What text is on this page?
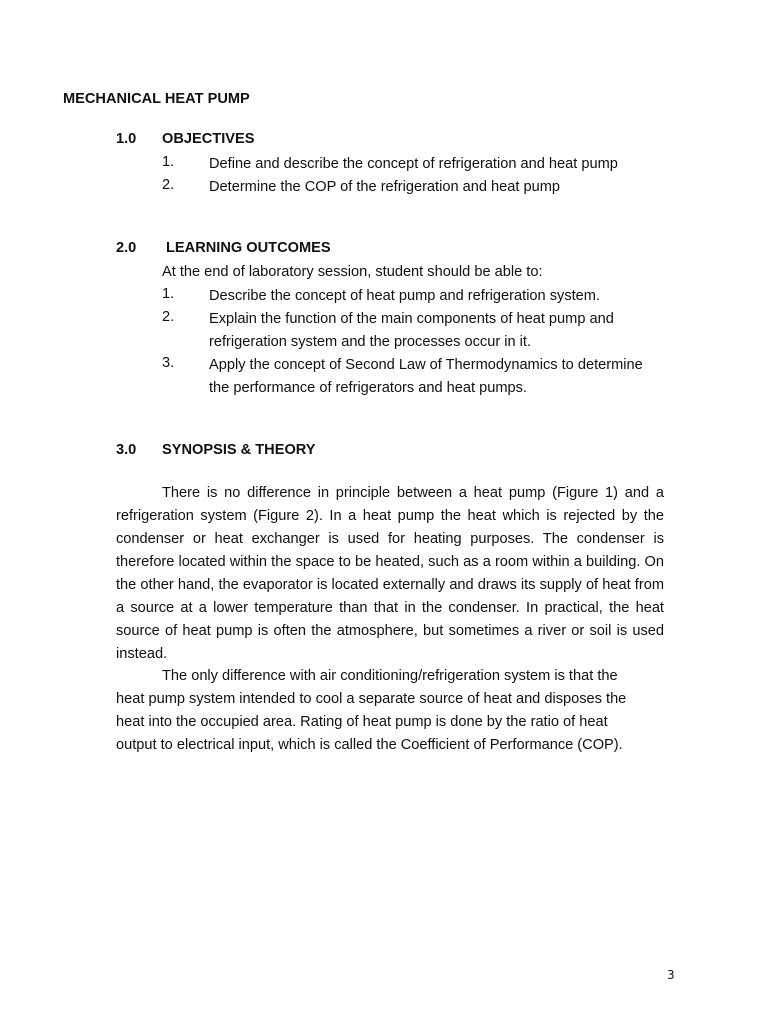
MECHANICAL HEAT PUMP
1.0 OBJECTIVES
1. Define and describe the concept of refrigeration and heat pump
2. Determine the COP of the refrigeration and heat pump
2.0 LEARNING OUTCOMES
At the end of laboratory session, student should be able to:
1. Describe the concept of heat pump and refrigeration system.
2. Explain the function of the main components of heat pump and refrigeration system and the processes occur in it.
3. Apply the concept of Second Law of Thermodynamics to determine the performance of refrigerators and heat pumps.
3.0 SYNOPSIS & THEORY

There is no difference in principle between a heat pump (Figure 1) and a refrigeration system (Figure 2). In a heat pump the heat which is rejected by the condenser or heat exchanger is used for heating purposes. The condenser is therefore located within the space to be heated, such as a room within a building. On the other hand, the evaporator is located externally and draws its supply of heat from a source at a lower temperature than that in the condenser. In practical, the heat source of heat pump is often the atmosphere, but sometimes a river or soil is used instead.

The only difference with air conditioning/refrigeration system is that the heat pump system intended to cool a separate source of heat and disposes the heat into the occupied area. Rating of heat pump is done by the ratio of heat output to electrical input, which is called the Coefficient of Performance (COP).

3
